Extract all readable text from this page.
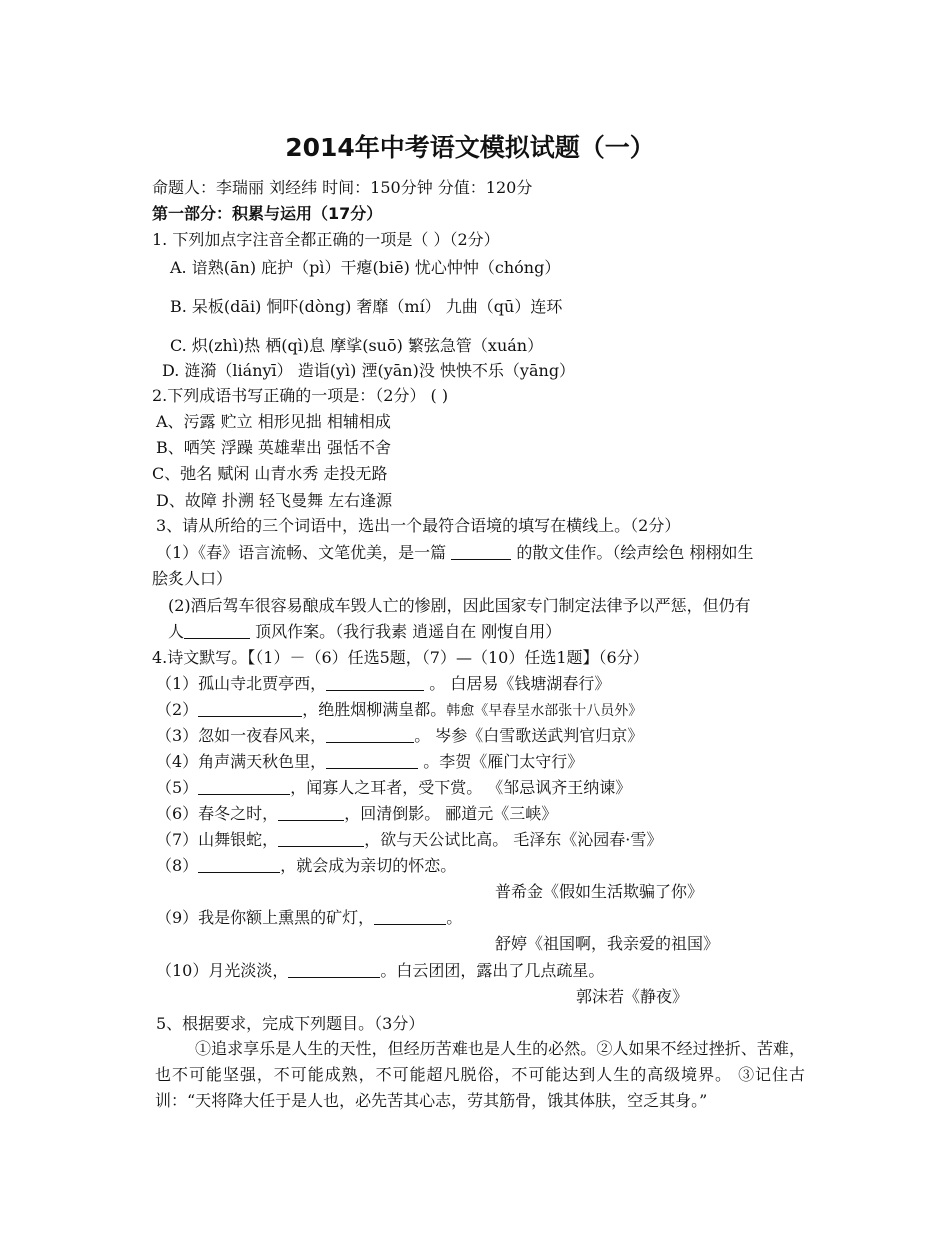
2014年中考语文模拟试题（一）
命题人：李瑞丽 刘经纬 时间：150分钟 分值：120分
第一部分：积累与运用（17分）
1. 下列加点字注音全都正确的一项是（ ）（2分）
A. 谙熟(ān) 庇护（pì）干瘪(biē) 忧心忡忡（chóng）
B. 呆板(dāi) 恫吓(dòng) 奢靡（mí） 九曲（qū）连环
C. 炽(zhì)热 栖(qì)息 摩挲(suō) 繁弦急管（xuán）
D. 涟漪（liányī） 造诣(yì) 湮(yān)没 怏怏不乐（yāng）
2.下列成语书写正确的一项是：（2分） ( )
A、污露 贮立 相形见拙 相辅相成
B、哂笑 浮躁 英雄辈出 强恬不舍
C、弛名 赋闲 山青水秀 走投无路
D、故障 扑溯 轻飞曼舞 左右逢源
3、请从所给的三个词语中，选出一个最符合语境的填写在横线上。（2分）
（1）《春》语言流畅、文笔优美，是一篇	的散文佳作。（绘声绘色 栩栩如生
脍炙人口）
(2)酒后驾车很容易酿成车毁人亡的惨剧，因此国家专门制定法律予以严惩，但仍有
人	顶风作案。（我行我素 逍遥自在 刚愎自用）
4.诗文默写。【（1）－（6）任选5题，（7）—（10）任选1题】（6分）
（1）孤山寺北贾亭西，	。 白居易《钱塘湖春行》
（2）	，绝胜烟柳满皇都。韩愈《早春呈水部张十八员外》
（3）忽如一夜春风来，	。 岑参《白雪歌送武判官归京》
（4）角声满天秋色里，	。李贺《雁门太守行》
（5）	，闻寡人之耳者，受下赏。 《邹忌讽齐王纳谏》
（6）春冬之时，	，回清倒影。 郦道元《三峡》
（7）山舞银蛇，	，欲与天公试比高。 毛泽东《沁园春·雪》
（8）	，就会成为亲切的怀恋。
普希金《假如生活欺骗了你》
（9）我是你额上熏黑的矿灯，	。
舒婷《祖国啊，我亲爱的祖国》
（10）月光淡淡，	。白云团团，露出了几点疏星。
郭沫若《静夜》
5、根据要求，完成下列题目。（3分）
①追求享乐是人生的天性，但经历苦难也是人生的必然。②人如果不经过挫折、苦难，也不可能坚强，不可能成熟，不可能超凡脱俗，不可能达到人生的高级境界。 ③记住古训：“天将降大任于是人也，必先苦其心志，劳其筋骨，饿其体肤，空乏其身。”
